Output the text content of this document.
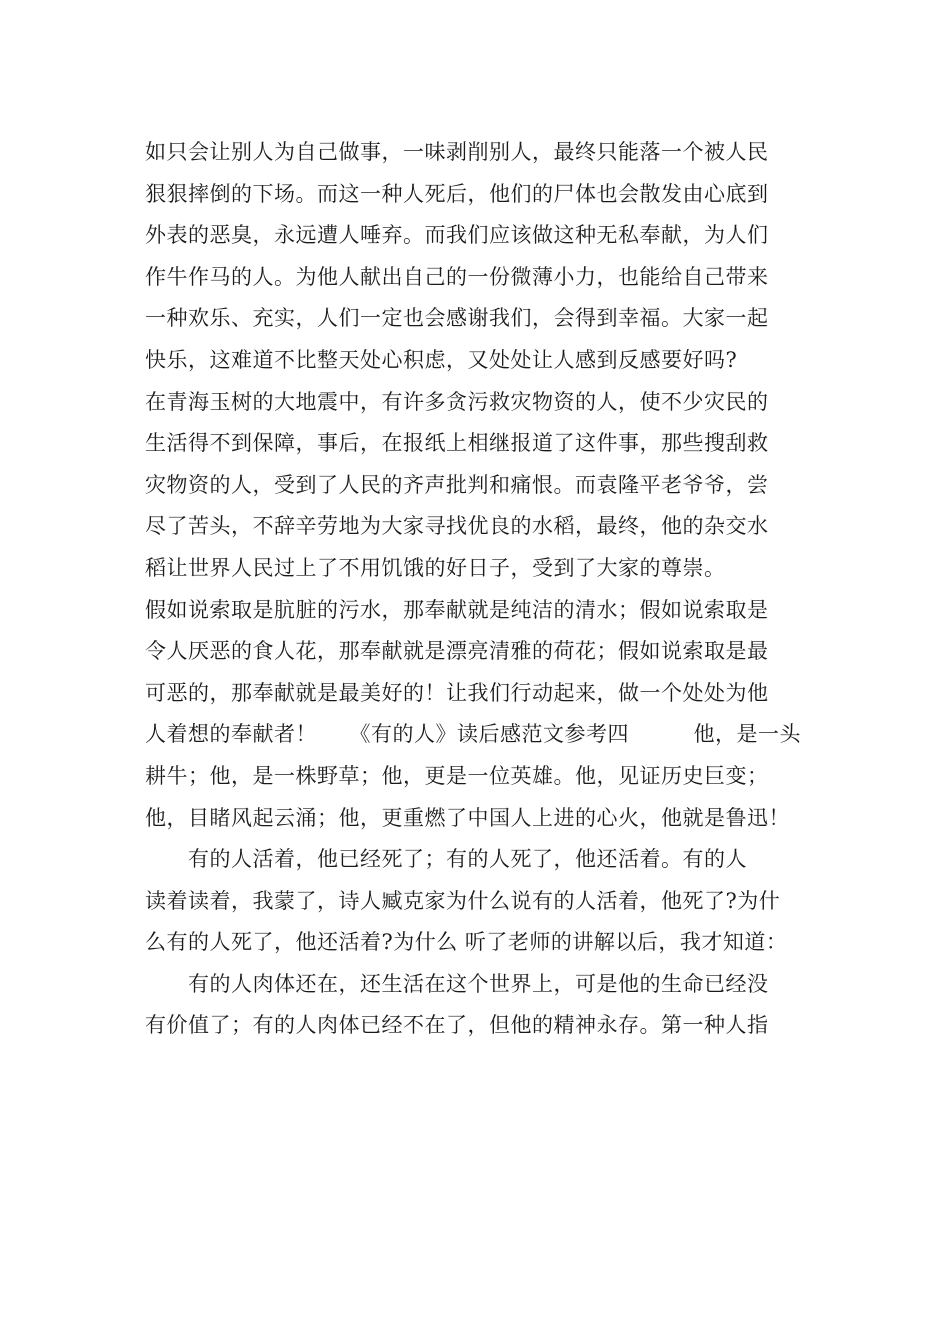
如只会让别人为自己做事，一味剥削别人，最终只能落一个被人民
狠狠摔倒的下场。而这一种人死后，他们的尸体也会散发由心底到
外表的恶臭，永远遭人唾弃。而我们应该做这种无私奉献，为人们
作牛作马的人。为他人献出自己的一份微薄小力，也能给自己带来
一种欢乐、充实，人们一定也会感谢我们，会得到幸福。大家一起
快乐，这难道不比整天处心积虑，又处处让人感到反感要好吗?
在青海玉树的大地震中，有许多贪污救灾物资的人，使不少灾民的
生活得不到保障，事后，在报纸上相继报道了这件事，那些搜刮救
灾物资的人，受到了人民的齐声批判和痛恨。而袁隆平老爷爷，尝
尽了苦头，不辞辛劳地为大家寻找优良的水稻，最终，他的杂交水
稻让世界人民过上了不用饥饿的好日子，受到了大家的尊崇。
假如说索取是肮脏的污水，那奉献就是纯洁的清水；假如说索取是
令人厌恶的食人花，那奉献就是漂亮清雅的荷花；假如说索取是最
可恶的，那奉献就是最美好的！让我们行动起来，做一个处处为他
人着想的奉献者！　　《有的人》读后感范文参考四　　　他，是一头
耕牛；他，是一株野草；他，更是一位英雄。他，见证历史巨变；
他，目睹风起云涌；他，更重燃了中国人上进的心火，他就是鲁迅！
　　有的人活着，他已经死了；有的人死了，他还活着。有的人
读着读着，我蒙了，诗人臧克家为什么说有的人活着，他死了?为什
么有的人死了，他还活着?为什么 听了老师的讲解以后，我才知道：
　　有的人肉体还在，还生活在这个世界上，可是他的生命已经没
有价值了；有的人肉体已经不在了，但他的精神永存。第一种人指
